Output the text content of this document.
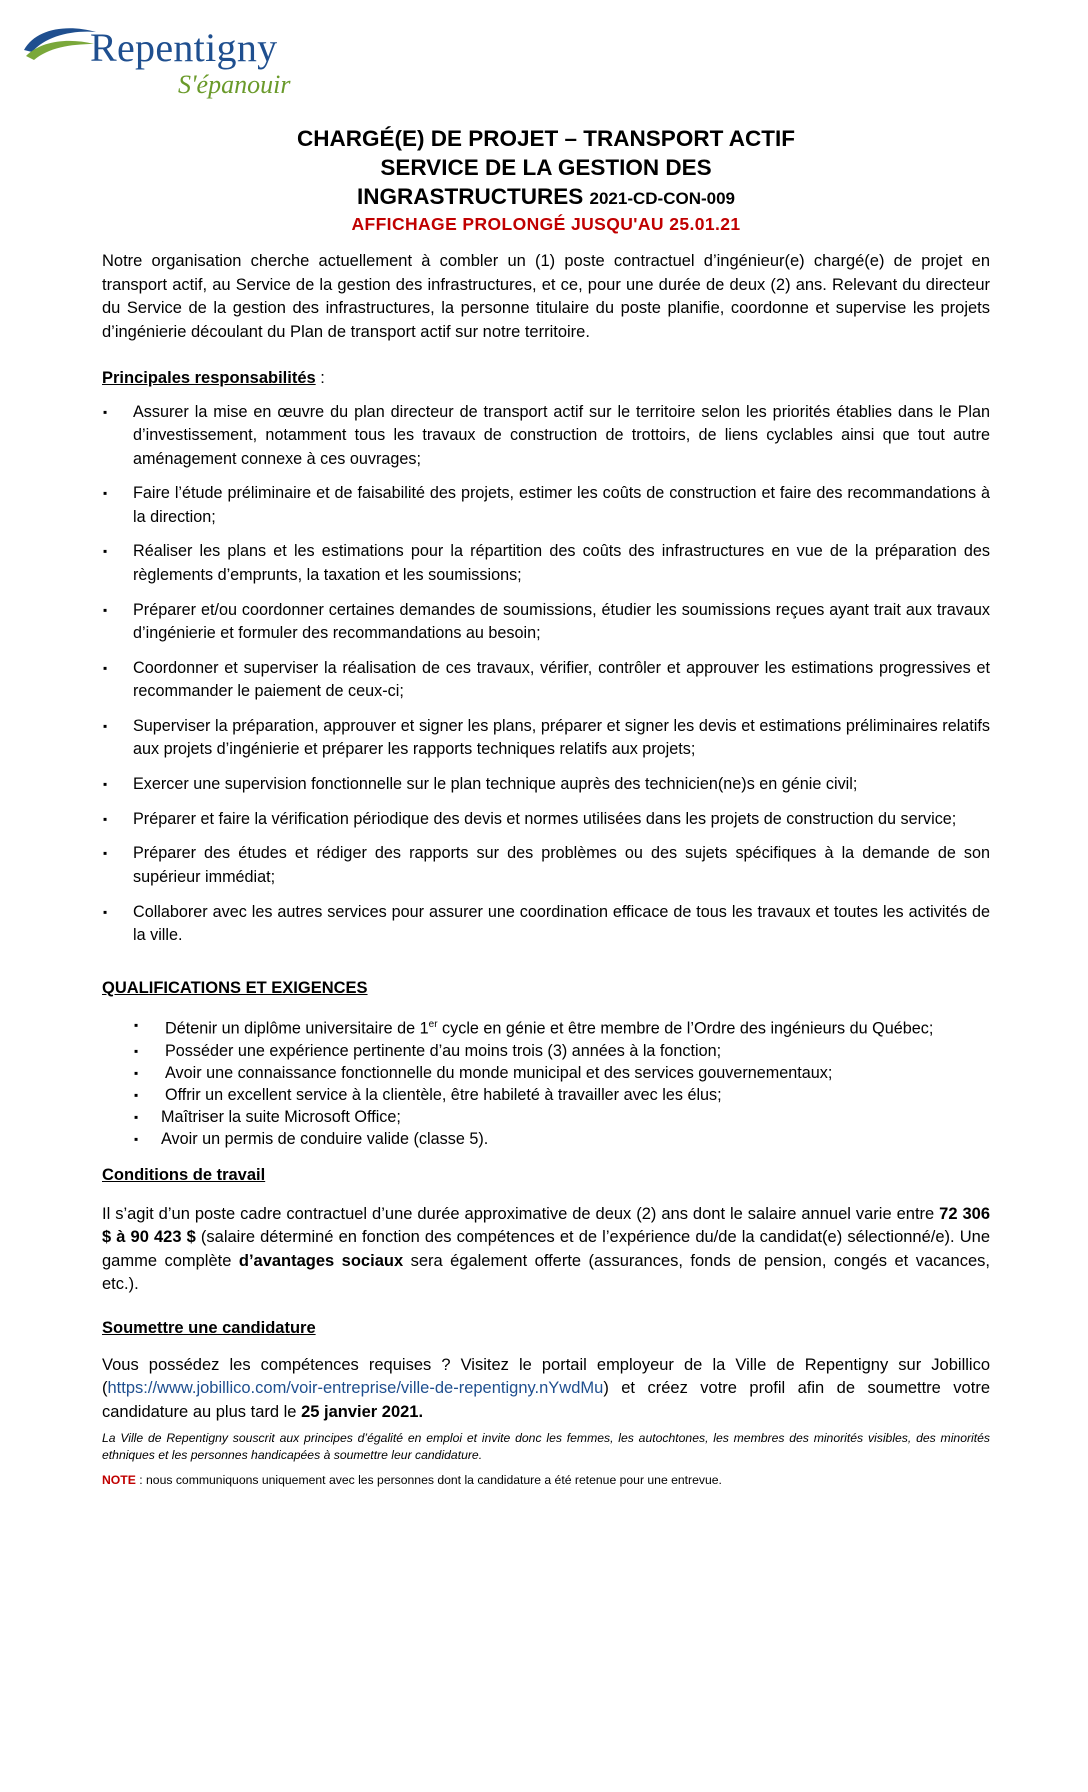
Repentigny
S'épanouir
CHARGÉ(E) DE PROJET – TRANSPORT ACTIF
SERVICE DE LA GESTION DES
INGRASTRUCTURES 2021-CD-CON-009
AFFICHAGE PROLONGÉ JUSQU'AU 25.01.21

Notre organisation cherche actuellement à combler un (1) poste contractuel d’ingénieur(e) chargé(e) de projet en transport actif, au Service de la gestion des infrastructures, et ce, pour une durée de deux (2) ans. Relevant du directeur du Service de la gestion des infrastructures, la personne titulaire du poste planifie, coordonne et supervise les projets d’ingénierie découlant du Plan de transport actif sur notre territoire.

Principales responsabilités :
▪ Assurer la mise en œuvre du plan directeur de transport actif sur le territoire selon les priorités établies dans le Plan d’investissement, notamment tous les travaux de construction de trottoirs, de liens cyclables ainsi que tout autre aménagement connexe à ces ouvrages;
▪ Faire l’étude préliminaire et de faisabilité des projets, estimer les coûts de construction et faire des recommandations à la direction;
▪ Réaliser les plans et les estimations pour la répartition des coûts des infrastructures en vue de la préparation des règlements d’emprunts, la taxation et les soumissions;
▪ Préparer et/ou coordonner certaines demandes de soumissions, étudier les soumissions reçues ayant trait aux travaux d’ingénierie et formuler des recommandations au besoin;
▪ Coordonner et superviser la réalisation de ces travaux, vérifier, contrôler et approuver les estimations progressives et recommander le paiement de ceux-ci;
▪ Superviser la préparation, approuver et signer les plans, préparer et signer les devis et estimations préliminaires relatifs aux projets d’ingénierie et préparer les rapports techniques relatifs aux projets;
▪ Exercer une supervision fonctionnelle sur le plan technique auprès des technicien(ne)s en génie civil;
▪ Préparer et faire la vérification périodique des devis et normes utilisées dans les projets de construction du service;
▪ Préparer des études et rédiger des rapports sur des problèmes ou des sujets spécifiques à la demande de son supérieur immédiat;
▪ Collaborer avec les autres services pour assurer une coordination efficace de tous les travaux et toutes les activités de la ville.
QUALIFICATIONS ET EXIGENCES
▪ Détenir un diplôme universitaire de 1er cycle en génie et être membre de l’Ordre des ingénieurs du Québec;
▪ Posséder une expérience pertinente d’au moins trois (3) années à la fonction;
▪ Avoir une connaissance fonctionnelle du monde municipal et des services gouvernementaux;
▪ Offrir un excellent service à la clientèle, être habileté à travailler avec les élus;
▪ Maîtriser la suite Microsoft Office;
▪ Avoir un permis de conduire valide (classe 5).
Conditions de travail

Il s’agit d’un poste cadre contractuel d’une durée approximative de deux (2) ans dont le salaire annuel varie entre 72 306 $ à 90 423 $ (salaire déterminé en fonction des compétences et de l’expérience du/de la candidat(e) sélectionné/e). Une gamme complète d’avantages sociaux sera également offerte (assurances, fonds de pension, congés et vacances, etc.).

Soumettre une candidature

Vous possédez les compétences requises ? Visitez le portail employeur de la Ville de Repentigny sur Jobillico (https://www.jobillico.com/voir-entreprise/ville-de-repentigny.nYwdMu) et créez votre profil afin de soumettre votre candidature au plus tard le 25 janvier 2021.

La Ville de Repentigny souscrit aux principes d’égalité en emploi et invite donc les femmes, les autochtones, les membres des minorités visibles, des minorités ethniques et les personnes handicapées à soumettre leur candidature.

NOTE : nous communiquons uniquement avec les personnes dont la candidature a été retenue pour une entrevue.
